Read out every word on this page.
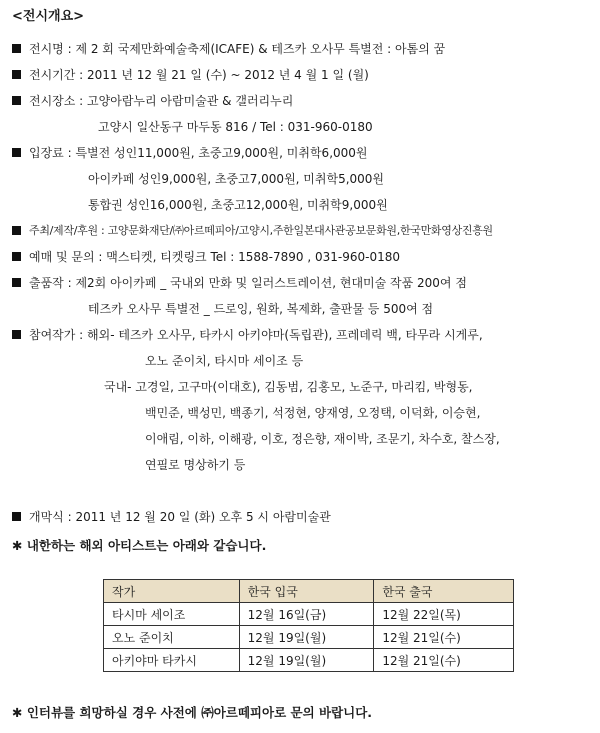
<전시개요>
전시명 : 제 2 회 국제만화예술축제(ICAFE) & 테즈카 오사무 특별전 : 아톰의 꿈
전시기간 : 2011 년 12 월 21 일 (수) ~ 2012 년 4 월 1 일 (월)
전시장소 : 고양아람누리 아람미술관 & 갤러리누리
고양시 일산동구 마두동 816 / Tel : 031-960-0180
입장료 : 특별전 성인11,000원, 초중고9,000원, 미취학6,000원
아이카페 성인9,000원, 초중고7,000원, 미취학5,000원
통합권 성인16,000원, 초중고12,000원, 미취학9,000원
주최/제작/후원 : 고양문화재단/㈜아르떼피아/고양시,주한일본대사관공보문화원,한국만화영상진흥원
예매 및 문의 : 맥스티켓, 티켓링크 Tel : 1588-7890 , 031-960-0180
출품작 : 제2회 아이카페 _ 국내외 만화 및 일러스트레이션, 현대미술 작품 200여 점
테즈카 오사무 특별전 _ 드로잉, 원화, 복제화, 출판물 등 500여 점
참여작가 : 해외- 테즈카 오사무, 타카시 아키야마(독립관), 프레데릭 백, 타무라 시게루,
오노 준이치, 타시마 세이조 등
국내- 고경일, 고구마(이대호), 김동범, 김홍모, 노준구, 마리킴, 박형동,
백민준, 백성민, 백종기, 석정현, 양재영, 오정택, 이덕화, 이승현,
이애림, 이하, 이해광, 이호, 정은향, 재이박, 조문기, 차수호, 찰스장,
연필로 명상하기 등
개막식 : 2011 년 12 월 20 일 (화) 오후 5 시 아람미술관
✱ 내한하는 해외 아티스트는 아래와 같습니다.
작가	한국 입국	한국 출국
타시마 세이조	12월 16일(금)	12월 22일(목)
오노 준이치	12월 19일(월)	12월 21일(수)
아키야마 타카시	12월 19일(월)	12월 21일(수)
✱ 인터뷰를 희망하실 경우 사전에 ㈜아르떼피아로 문의 바랍니다.
